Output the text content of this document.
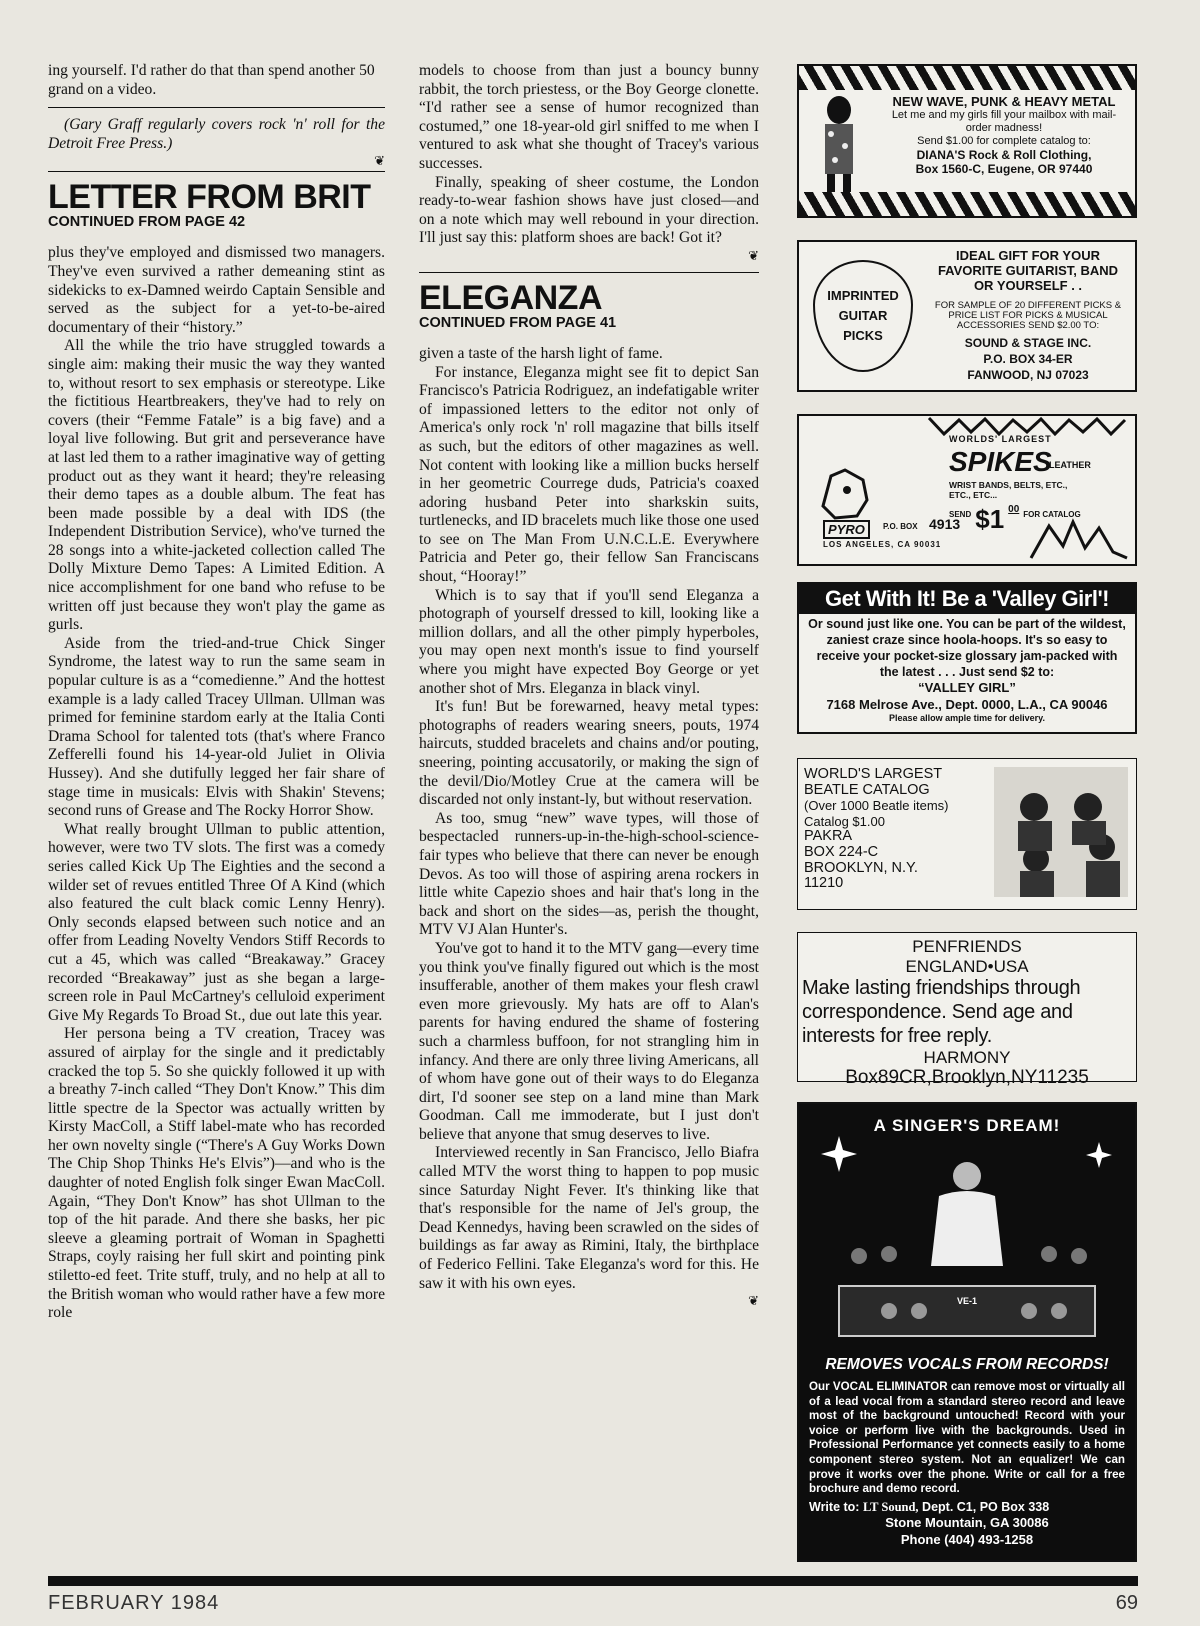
ing yourself. I'd rather do that than spend another 50 grand on a video.

(Gary Graff regularly covers rock 'n' roll for the Detroit Free Press.)

❦
LETTER FROM BRIT
CONTINUED FROM PAGE 42

plus they've employed and dismissed two managers. They've even survived a rather demeaning stint as sidekicks to ex-Damned weirdo Captain Sensible and served as the subject for a yet-to-be-aired documentary of their “history.”

All the while the trio have struggled towards a single aim: making their music the way they wanted to, without resort to sex emphasis or stereotype. Like the fictitious Heartbreakers, they've had to rely on covers (their “Femme Fatale” is a big fave) and a loyal live following. But grit and perseverance have at last led them to a rather imaginative way of getting product out as they want it heard; they're releasing their demo tapes as a double album. The feat has been made possible by a deal with IDS (the Independent Distribution Service), who've turned the 28 songs into a white-jacketed collection called The Dolly Mixture Demo Tapes: A Limited Edition. A nice accomplishment for one band who refuse to be written off just because they won't play the game as gurls.

Aside from the tried-and-true Chick Singer Syndrome, the latest way to run the same seam in popular culture is as a “comedienne.” And the hottest example is a lady called Tracey Ullman. Ullman was primed for feminine stardom early at the Italia Conti Drama School for talented tots (that's where Franco Zefferelli found his 14-year-old Juliet in Olivia Hussey). And she dutifully legged her fair share of stage time in musicals: Elvis with Shakin' Stevens; second runs of Grease and The Rocky Horror Show.

What really brought Ullman to public attention, however, were two TV slots. The first was a comedy series called Kick Up The Eighties and the second a wilder set of revues entitled Three Of A Kind (which also featured the cult black comic Lenny Henry). Only seconds elapsed between such notice and an offer from Leading Novelty Vendors Stiff Records to cut a 45, which was called “Breakaway.” Gracey recorded “Breakaway” just as she began a large-screen role in Paul McCartney's celluloid experiment Give My Regards To Broad St., due out late this year.

Her persona being a TV creation, Tracey was assured of airplay for the single and it predictably cracked the top 5. So she quickly followed it up with a breathy 7-inch called “They Don't Know.” This dim little spectre de la Spector was actually written by Kirsty MacColl, a Stiff label-mate who has recorded her own novelty single (“There's A Guy Works Down The Chip Shop Thinks He's Elvis”)—and who is the daughter of noted English folk singer Ewan MacColl. Again, “They Don't Know” has shot Ullman to the top of the hit parade. And there she basks, her pic sleeve a gleaming portrait of Woman in Spaghetti Straps, coyly raising her full skirt and pointing pink stiletto-ed feet. Trite stuff, truly, and no help at all to the British woman who would rather have a few more role

models to choose from than just a bouncy bunny rabbit, the torch priestess, or the Boy George clonette. “I'd rather see a sense of humor recognized than costumed,” one 18-year-old girl sniffed to me when I ventured to ask what she thought of Tracey's various successes.

Finally, speaking of sheer costume, the London ready-to-wear fashion shows have just closed—and on a note which may well rebound in your direction. I'll just say this: platform shoes are back! Got it?

❦
ELEGANZA
CONTINUED FROM PAGE 41

given a taste of the harsh light of fame.

For instance, Eleganza might see fit to depict San Francisco's Patricia Rodriguez, an indefatigable writer of impassioned letters to the editor not only of America's only rock 'n' roll magazine that bills itself as such, but the editors of other magazines as well. Not content with looking like a million bucks herself in her geometric Courrege duds, Patricia's coaxed adoring husband Peter into sharkskin suits, turtlenecks, and ID bracelets much like those one used to see on The Man From U.N.C.L.E. Everywhere Patricia and Peter go, their fellow San Franciscans shout, “Hooray!”

Which is to say that if you'll send Eleganza a photograph of yourself dressed to kill, looking like a million dollars, and all the other pimply hyperboles, you may open next month's issue to find yourself where you might have expected Boy George or yet another shot of Mrs. Eleganza in black vinyl.

It's fun! But be forewarned, heavy metal types: photographs of readers wearing sneers, pouts, 1974 haircuts, studded bracelets and chains and/or pouting, sneering, pointing accusatorily, or making the sign of the devil/Dio/Motley Crue at the camera will be discarded not only instant-ly, but without reservation.

As too, smug “new” wave types, will those of bespectacled runners-up-in-the-high-school-science-fair types who believe that there can never be enough Devos. As too will those of aspiring arena rockers in little white Capezio shoes and hair that's long in the back and short on the sides—as, perish the thought, MTV VJ Alan Hunter's.

You've got to hand it to the MTV gang—every time you think you've finally figured out which is the most insufferable, another of them makes your flesh crawl even more grievously. My hats are off to Alan's parents for having endured the shame of fostering such a charmless buffoon, for not strangling him in infancy. And there are only three living Americans, all of whom have gone out of their ways to do Eleganza dirt, I'd sooner see step on a land mine than Mark Goodman. Call me immoderate, but I just don't believe that anyone that smug deserves to live.

Interviewed recently in San Francisco, Jello Biafra called MTV the worst thing to happen to pop music since Saturday Night Fever. It's thinking like that that's responsible for the name of Jel's group, the Dead Kennedys, having been scrawled on the sides of buildings as far away as Rimini, Italy, the birthplace of Federico Fellini. Take Eleganza's word for this. He saw it with his own eyes.

❦
NEW WAVE, PUNK & HEAVY METAL
Let me and my girls fill your mailbox with mail-order madness!
Send $1.00 for complete catalog to:
DIANA'S Rock & Roll Clothing,
Box 1560-C, Eugene, OR 97440
IMPRINTED GUITAR PICKS
IDEAL GIFT FOR YOUR FAVORITE GUITARIST, BAND OR YOURSELF . .
FOR SAMPLE OF 20 DIFFERENT PICKS & PRICE LIST FOR PICKS & MUSICAL ACCESSORIES SEND $2.00 TO:
SOUND & STAGE INC.
P.O. BOX 34-ER
FANWOOD, NJ 07023
WORLDS' LARGEST
SPIKES
LEATHER
WRIST BANDS, BELTS, ETC., ETC., ETC...
SEND $1 00 FOR CATALOG
PYRO	P.O. BOX 4913
LOS ANGELES, CA 90031
Get With It! Be a 'Valley Girl'!
Or sound just like one. You can be part of the wildest, zaniest craze since hoola-hoops. It's so easy to receive your pocket-size glossary jam-packed with the latest . . . Just send $2 to:
“VALLEY GIRL”
7168 Melrose Ave., Dept. 0000, L.A., CA 90046
Please allow ample time for delivery.
WORLD'S LARGEST
BEATLE CATALOG
(Over 1000 Beatle items)
Catalog $1.00
PAKRA
BOX 224-C
BROOKLYN, N.Y.
11210
PENFRIENDS
ENGLAND•USA
Make lasting friendships through correspondence. Send age and interests for free reply.
HARMONY
Box89CR,Brooklyn,NY11235
A SINGER'S DREAM!
VE-1
REMOVES VOCALS FROM RECORDS!
Our VOCAL ELIMINATOR can remove most or virtually all of a lead vocal from a standard stereo record and leave most of the background untouched! Record with your voice or perform live with the backgrounds. Used in Professional Performance yet connects easily to a home component stereo system. Not an equalizer! We can prove it works over the phone. Write or call for a free brochure and demo record.
Write to: LT Sound, Dept. C1, PO Box 338
Stone Mountain, GA 30086
Phone (404) 493-1258
FEBRUARY 1984	69
